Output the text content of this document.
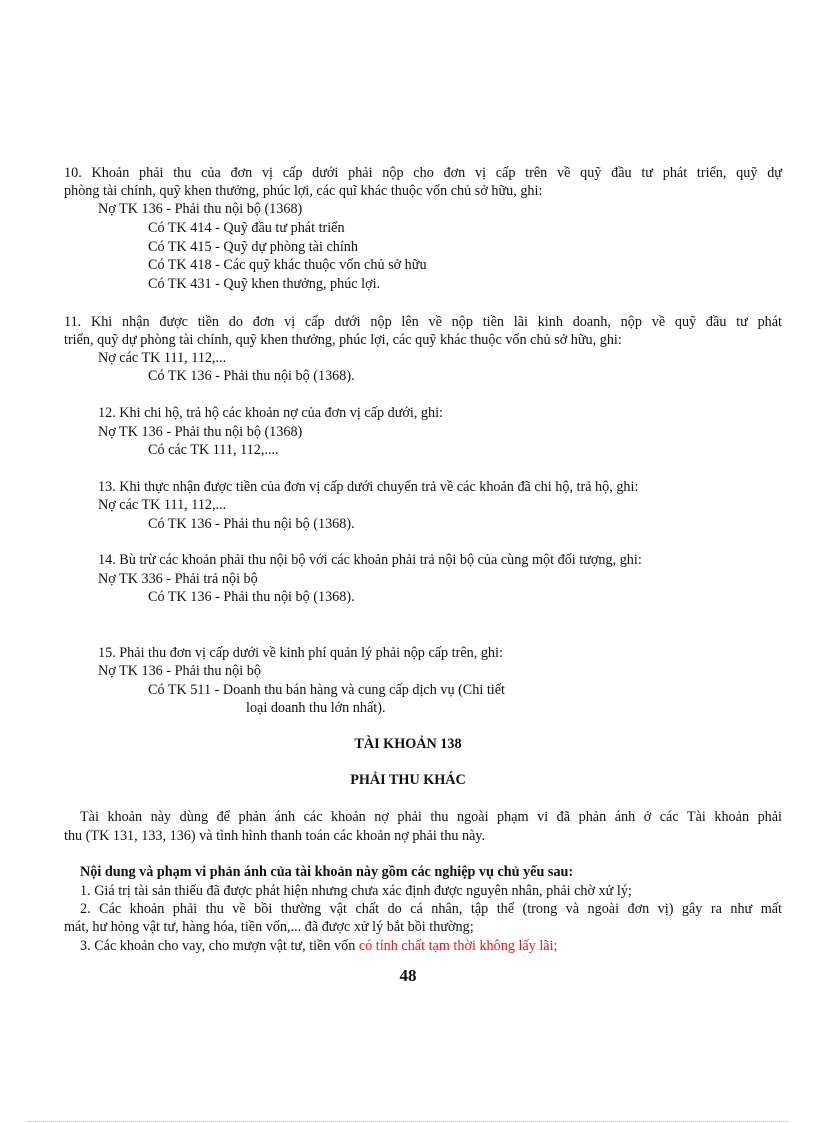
10. Khoản phải thu của đơn vị cấp dưới phải nộp cho đơn vị cấp trên về quỹ đầu tư phát triển, quỹ dự
phòng tài chính, quỹ khen thưởng, phúc lợi, các quĩ khác thuộc vốn chủ sở hữu, ghi:
Nợ TK 136 - Phải thu nội bộ (1368)
Có TK 414 - Quỹ đầu tư phát triển
Có TK 415 - Quỹ dự phòng tài chính
Có TK 418 - Các quỹ khác thuộc vốn chủ sở hữu
Có TK 431 - Quỹ khen thưởng, phúc lợi.
11. Khi nhận được tiền do đơn vị cấp dưới nộp lên về nộp tiền lãi kinh doanh, nộp về quỹ đầu tư phát
triển, quỹ dự phòng tài chính, quỹ khen thưởng, phúc lợi, các quỹ khác thuộc vốn chủ sở hữu, ghi:
Nợ các TK 111, 112,...
Có TK 136 - Phải thu nội bộ (1368).
12. Khi chi hộ, trả hộ các khoản nợ của đơn vị cấp dưới, ghi:
Nợ TK 136 - Phải thu nội bộ (1368)
Có các TK 111, 112,....
13. Khi thực nhận được tiền của đơn vị cấp dưới chuyển trả về các khoản đã chi hộ, trả hộ, ghi:
Nợ các TK 111, 112,...
Có TK 136 - Phải thu nội bộ (1368).
14. Bù trừ các khoản phải thu nội bộ với các khoản phải trả nội bộ của cùng một đối tượng, ghi:
Nợ TK 336 - Phải trả nội bộ
Có TK 136 - Phải thu nội bộ (1368).
15. Phải thu đơn vị cấp dưới về kinh phí quản lý phải nộp cấp trên, ghi:
Nợ TK 136 - Phải thu nội bộ
Có TK 511 - Doanh thu bán hàng và cung cấp dịch vụ (Chi tiết
loại doanh thu lớn nhất).
TÀI KHOẢN 138
PHẢI THU KHÁC
Tài khoản này dùng để phản ánh các khoản nợ phải thu ngoài phạm vi đã phản ánh ở các Tài khoản phải
thu (TK 131, 133, 136) và tình hình thanh toán các khoản nợ phải thu này.
Nội dung và phạm vi phản ánh của tài khoản này gồm các nghiệp vụ chủ yếu sau:
1. Giá trị tài sản thiếu đã được phát hiện nhưng chưa xác định được nguyên nhân, phải chờ xử lý;
2. Các khoản phải thu về bồi thường vật chất do cá nhân, tập thể (trong và ngoài đơn vị) gây ra như mất
mát, hư hỏng vật tư, hàng hóa, tiền vốn,... đã được xử lý bắt bồi thường;
3. Các khoản cho vay, cho mượn vật tư, tiền vốn có tính chất tạm thời không lấy lãi;
48
